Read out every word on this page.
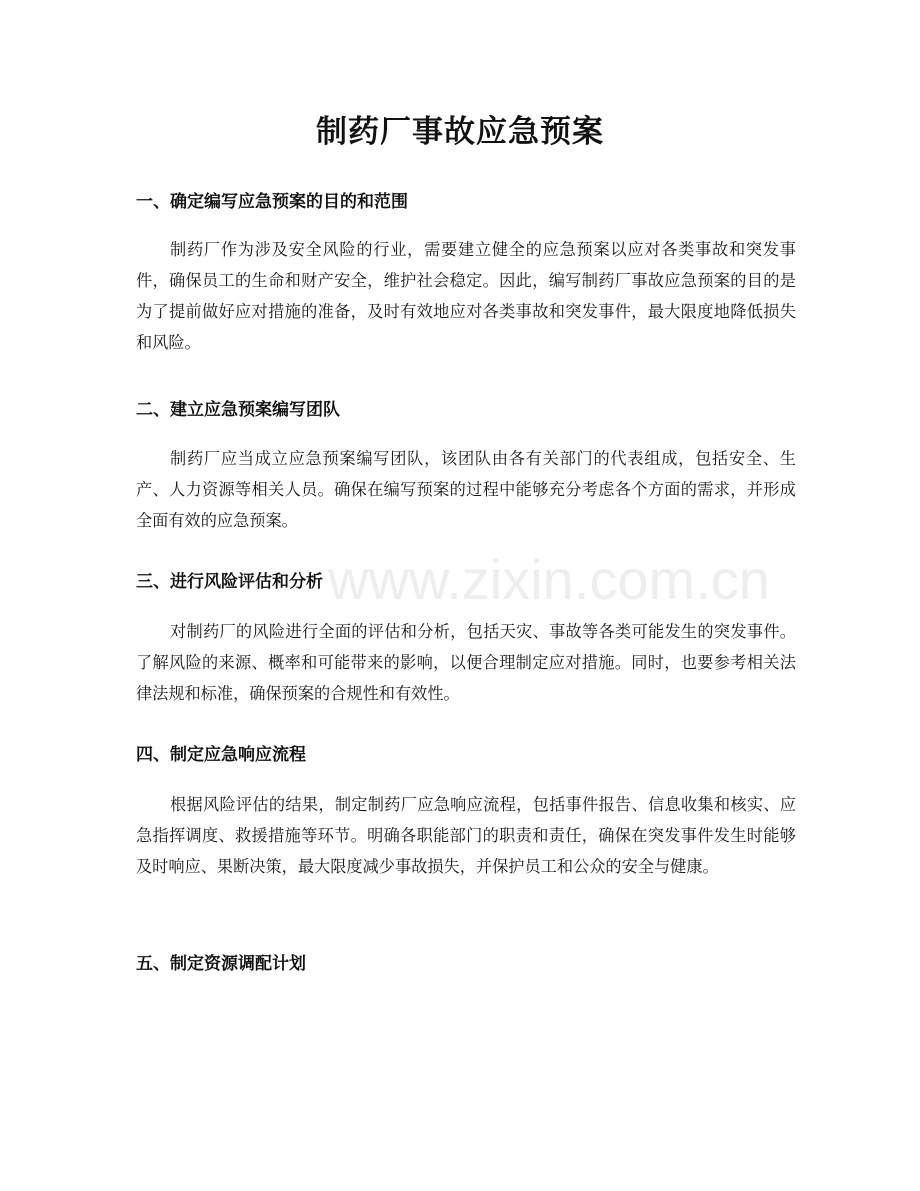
www.zixin.com.cn
制药厂事故应急预案
一、确定编写应急预案的目的和范围

制药厂作为涉及安全风险的行业，需要建立健全的应急预案以应对各类事故和突发事件，确保员工的生命和财产安全，维护社会稳定。因此，编写制药厂事故应急预案的目的是为了提前做好应对措施的准备，及时有效地应对各类事故和突发事件，最大限度地降低损失和风险。

二、建立应急预案编写团队

制药厂应当成立应急预案编写团队，该团队由各有关部门的代表组成，包括安全、生产、人力资源等相关人员。确保在编写预案的过程中能够充分考虑各个方面的需求，并形成全面有效的应急预案。

三、进行风险评估和分析

对制药厂的风险进行全面的评估和分析，包括天灾、事故等各类可能发生的突发事件。了解风险的来源、概率和可能带来的影响，以便合理制定应对措施。同时，也要参考相关法律法规和标准，确保预案的合规性和有效性。

四、制定应急响应流程

根据风险评估的结果，制定制药厂应急响应流程，包括事件报告、信息收集和核实、应急指挥调度、救援措施等环节。明确各职能部门的职责和责任，确保在突发事件发生时能够及时响应、果断决策，最大限度减少事故损失，并保护员工和公众的安全与健康。

五、制定资源调配计划
